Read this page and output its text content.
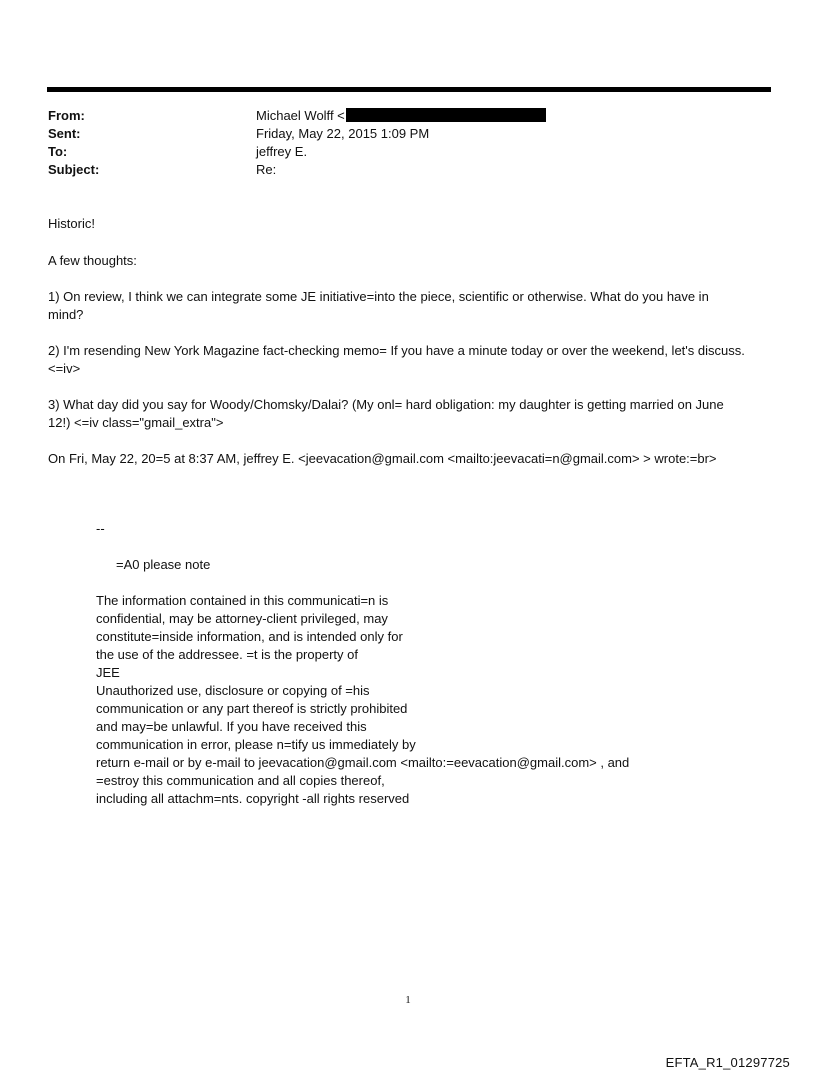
From:	Michael Wolff <
Sent:	Friday, May 22, 2015 1:09 PM
To:	jeffrey E.
Subject:	Re:
Historic!
A few thoughts:
1) On review, I think we can integrate some JE initiative=into the piece, scientific or otherwise. What do you have in
mind?
2) I'm resending New York Magazine fact-checking memo= If you have a minute today or over the weekend, let's discuss.
<=iv>
3) What day did you say for Woody/Chomsky/Dalai? (My onl= hard obligation: my daughter is getting married on June
12!) <=iv class="gmail_extra">
On Fri, May 22, 20=5 at 8:37 AM, jeffrey E. <jeevacation@gmail.com <mailto:jeevacati=n@gmail.com> > wrote:=br>
--
=A0 please note
The information contained in this communicati=n is
confidential, may be attorney-client privileged, may
constitute=inside information, and is intended only for
the use of the addressee. =t is the property of
JEE
Unauthorized use, disclosure or copying of =his
communication or any part thereof is strictly prohibited
and may=be unlawful. If you have received this
communication in error, please n=tify us immediately by
return e-mail or by e-mail to jeevacation@gmail.com <mailto:=eevacation@gmail.com> , and
=estroy this communication and all copies thereof,
including all attachm=nts. copyright -all rights reserved
1
EFTA_R1_01297725
